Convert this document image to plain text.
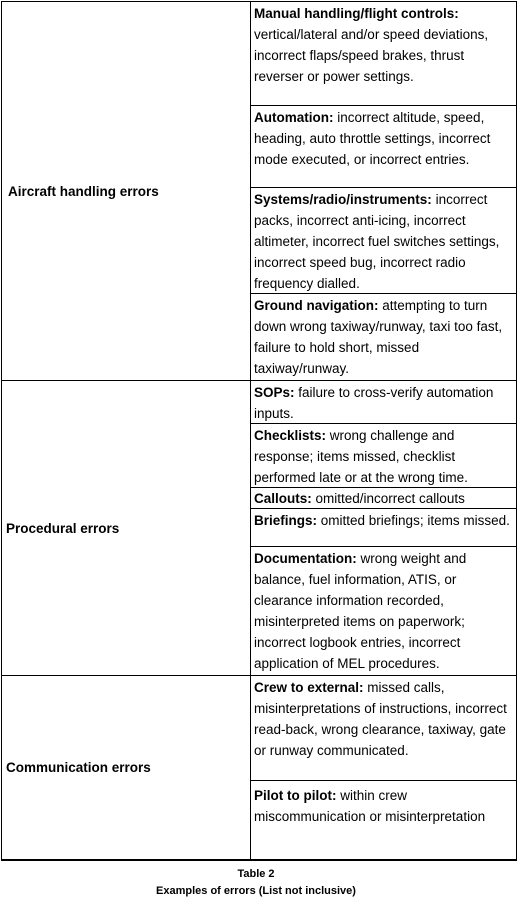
Aircraft handling errors
Manual handling/flight controls: vertical/lateral and/or speed deviations, incorrect flaps/speed brakes, thrust reverser or power settings.
Automation: incorrect altitude, speed, heading, auto throttle settings, incorrect mode executed, or incorrect entries.
Systems/radio/instruments: incorrect packs, incorrect anti-icing, incorrect altimeter, incorrect fuel switches settings, incorrect speed bug, incorrect radio frequency dialled.
Ground navigation: attempting to turn down wrong taxiway/runway, taxi too fast, failure to hold short, missed taxiway/runway.
Procedural errors
SOPs: failure to cross-verify automation inputs.
Checklists: wrong challenge and response; items missed, checklist performed late or at the wrong time.
Callouts: omitted/incorrect callouts
Briefings: omitted briefings; items missed.
Documentation: wrong weight and balance, fuel information, ATIS, or clearance information recorded, misinterpreted items on paperwork; incorrect logbook entries, incorrect application of MEL procedures.
Communication errors
Crew to external: missed calls, misinterpretations of instructions, incorrect read-back, wrong clearance, taxiway, gate or runway communicated.
Pilot to pilot: within crew miscommunication or misinterpretation
Table 2
Examples of errors (List not inclusive)
